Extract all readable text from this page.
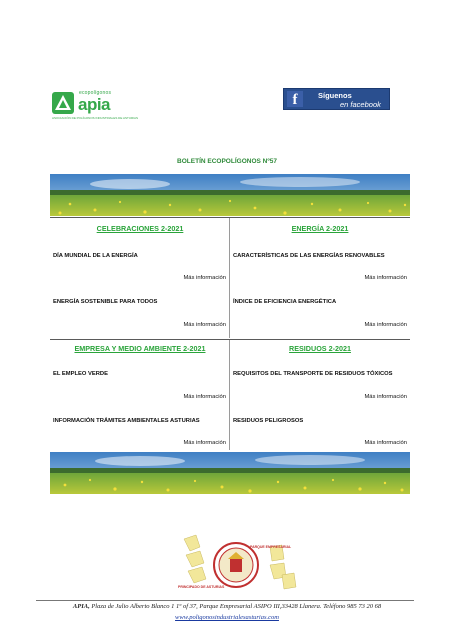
ecopolígonos
apia
ASOCIACIÓN DE POLÍGONOS INDUSTRIALES DE ASTURIAS
f	Síguenos
en facebook
BOLETÍN ECOPOLÍGONOS Nº57
CELEBRACIONES 2-2021
DÍA MUNDIAL DE LA ENERGÍA
Más información
ENERGÍA SOSTENIBLE PARA TODOS
Más información
ENERGÍA 2-2021
CARACTERÍSTICAS DE LAS ENERGÍAS RENOVABLES
Más información
ÍNDICE DE EFICIENCIA ENERGÉTICA
Más información
EMPRESA Y MEDIO AMBIENTE 2-2021
EL EMPLEO VERDE
Más información
INFORMACIÓN TRÁMITES AMBIENTALES ASTURIAS
Más información
RESIDUOS 2-2021
REQUISITOS DEL TRANSPORTE DE RESIDUOS TÓXICOS
Más información
RESIDUOS PELIGROSOS
Más información
PARQUE EMPRESARIAL
PRINCIPADO DE ASTURIAS
APIA, Plaza de Julio Alberto Blanco 1 1º of 37, Parque Empresarial ASIPO III,33428 Llanera. Teléfono 985 73 20 68
www.poligonosindustrialesasturias.com
